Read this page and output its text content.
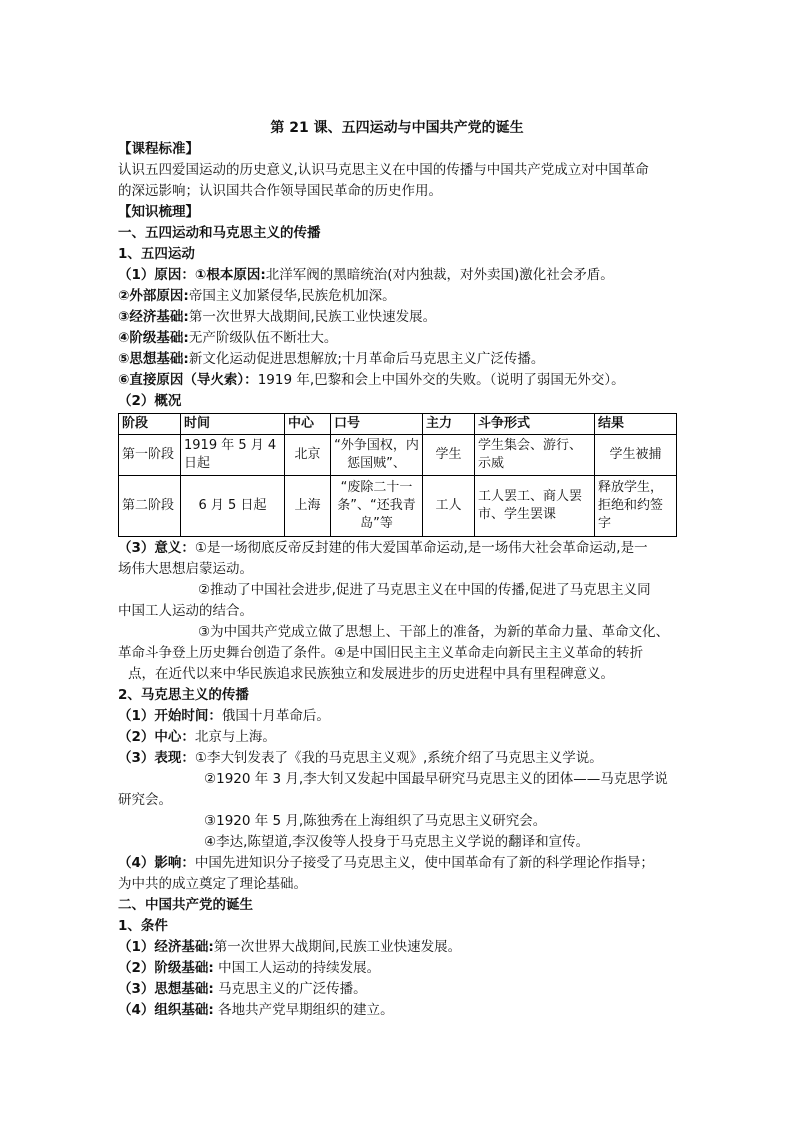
第 21 课、五四运动与中国共产党的诞生

【课程标准】

认识五四爱国运动的历史意义,认识马克思主义在中国的传播与中国共产党成立对中国革命

的深远影响；认识国共合作领导国民革命的历史作用。

【知识梳理】

一、五四运动和马克思主义的传播

1、五四运动

（1）原因：①根本原因:北洋军阀的黑暗统治(对内独裁，对外卖国)激化社会矛盾。

②外部原因:帝国主义加紧侵华,民族危机加深。

③经济基础:第一次世界大战期间,民族工业快速发展。

④阶级基础:无产阶级队伍不断壮大。

⑤思想基础:新文化运动促进思想解放;十月革命后马克思主义广泛传播。

⑥直接原因（导火索）：1919 年,巴黎和会上中国外交的失败。（说明了弱国无外交）。

（2）概况

阶段	时间	中心	口号	主力	斗争形式	结果
第一阶段	1919 年 5 月 4 日起	北京	“外争国权，内惩国贼”、	学生	学生集会、游行、示威	学生被捕
第二阶段	6 月 5 日起	上海	“废除二十一条”、“还我青岛”等	工人	工人罢工、商人罢市、学生罢课	释放学生，拒绝和约签字

（3）意义：①是一场彻底反帝反封建的伟大爱国革命运动,是一场伟大社会革命运动,是一

场伟大思想启蒙运动。

②推动了中国社会进步,促进了马克思主义在中国的传播,促进了马克思主义同

中国工人运动的结合。

③为中国共产党成立做了思想上、干部上的准备，为新的革命力量、革命文化、

革命斗争登上历史舞台创造了条件。④是中国旧民主主义革命走向新民主主义革命的转折

点，在近代以来中华民族追求民族独立和发展进步的历史进程中具有里程碑意义。

2、马克思主义的传播

（1）开始时间：俄国十月革命后。

（2）中心：北京与上海。

（3）表现：①李大钊发表了《我的马克思主义观》,系统介绍了马克思主义学说。

②1920 年 3 月,李大钊又发起中国最早研究马克思主义的团体——马克思学说

研究会。

③1920 年 5 月,陈独秀在上海组织了马克思主义研究会。

④李达,陈望道,李汉俊等人投身于马克思主义学说的翻译和宣传。

（4）影响：中国先进知识分子接受了马克思主义，使中国革命有了新的科学理论作指导；

为中共的成立奠定了理论基础。

二、中国共产党的诞生

1、条件

（1）经济基础:第一次世界大战期间,民族工业快速发展。

（2）阶级基础: 中国工人运动的持续发展。

（3）思想基础: 马克思主义的广泛传播。

（4）组织基础: 各地共产党早期组织的建立。
